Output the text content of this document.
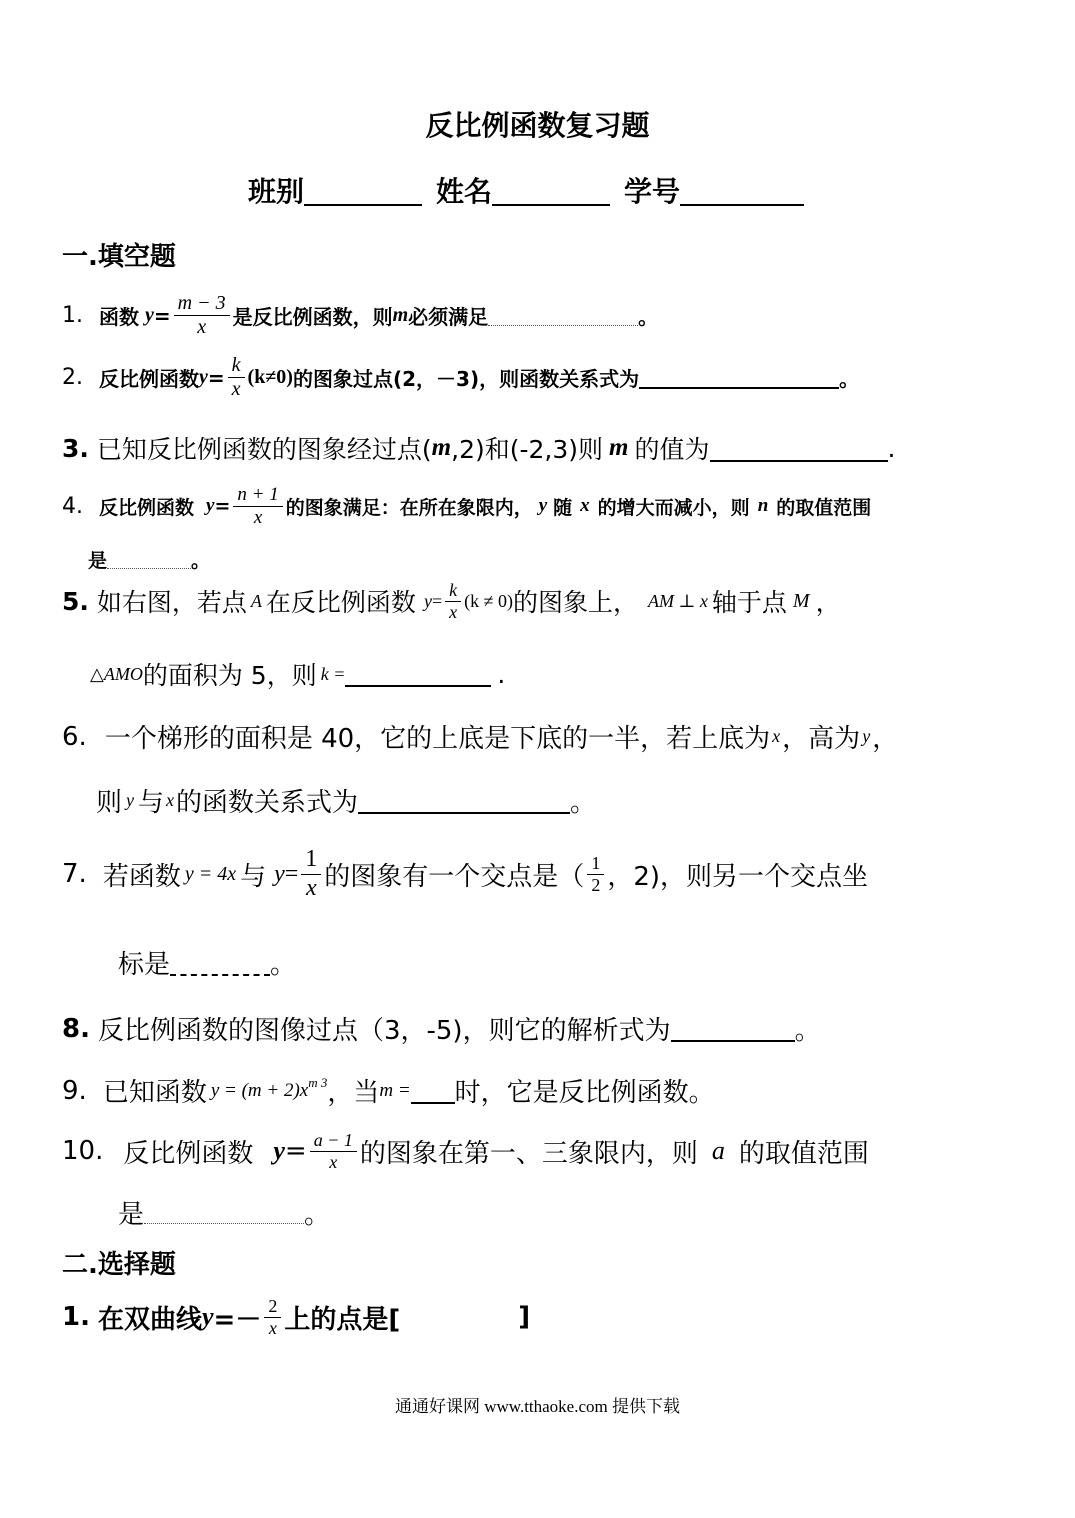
反比例函数复习题
班别	姓名	学号
一.填空题
1. 函数 $y = \frac{m - 3}{x}$ 是反比例函数，则 m 必须满足	。
2. 反比例函数 $y = \frac{k}{x} (k\ne 0)$ 的图象过点(2，－3)，则函数关系式为	。
3. 已知反比例函数的图象经过点( m ,2)和(-2,3)则 m 的值为	.
4. 反比例函数 $y = \frac{n + 1}{x}$ 的图象满足：在所在象限内， y 随 x 的增大而减小，则 n 的取值范围
是	。
5. 如右图，若点 A 在反比例函数 $y = \frac{k}{x} (k \ne 0)$ 的图象上， AM ⊥ x 轴于点 M ，
△AMO 的面积为 5，则 k =	.
6. 一个梯形的面积是 40，它的上底是下底的一半，若上底为 x ，高为 y ，
则 y 与 x 的函数关系式为	。
7. 若函数 y = 4x 与 $y = \frac{1}{x}$ 的图象有一个交点是（ $\frac{1}{2}$ ，2)，则另一个交点坐
标是	。
8. 反比例函数的图像过点（3，-5)，则它的解析式为	。
9. 已知函数 $y = (m + 2)x^{m 3}$ ，当 m = 时，它是反比例函数。
10. 反比例函数 $y = \frac{a - 1}{x}$ 的图象在第一、三象限内，则 a 的取值范围
是	。
二.选择题
1. 在双曲线 $y =- \frac{2}{x}$ 上的点是[	]
通通好课网 www.tthaoke.com 提供下载
